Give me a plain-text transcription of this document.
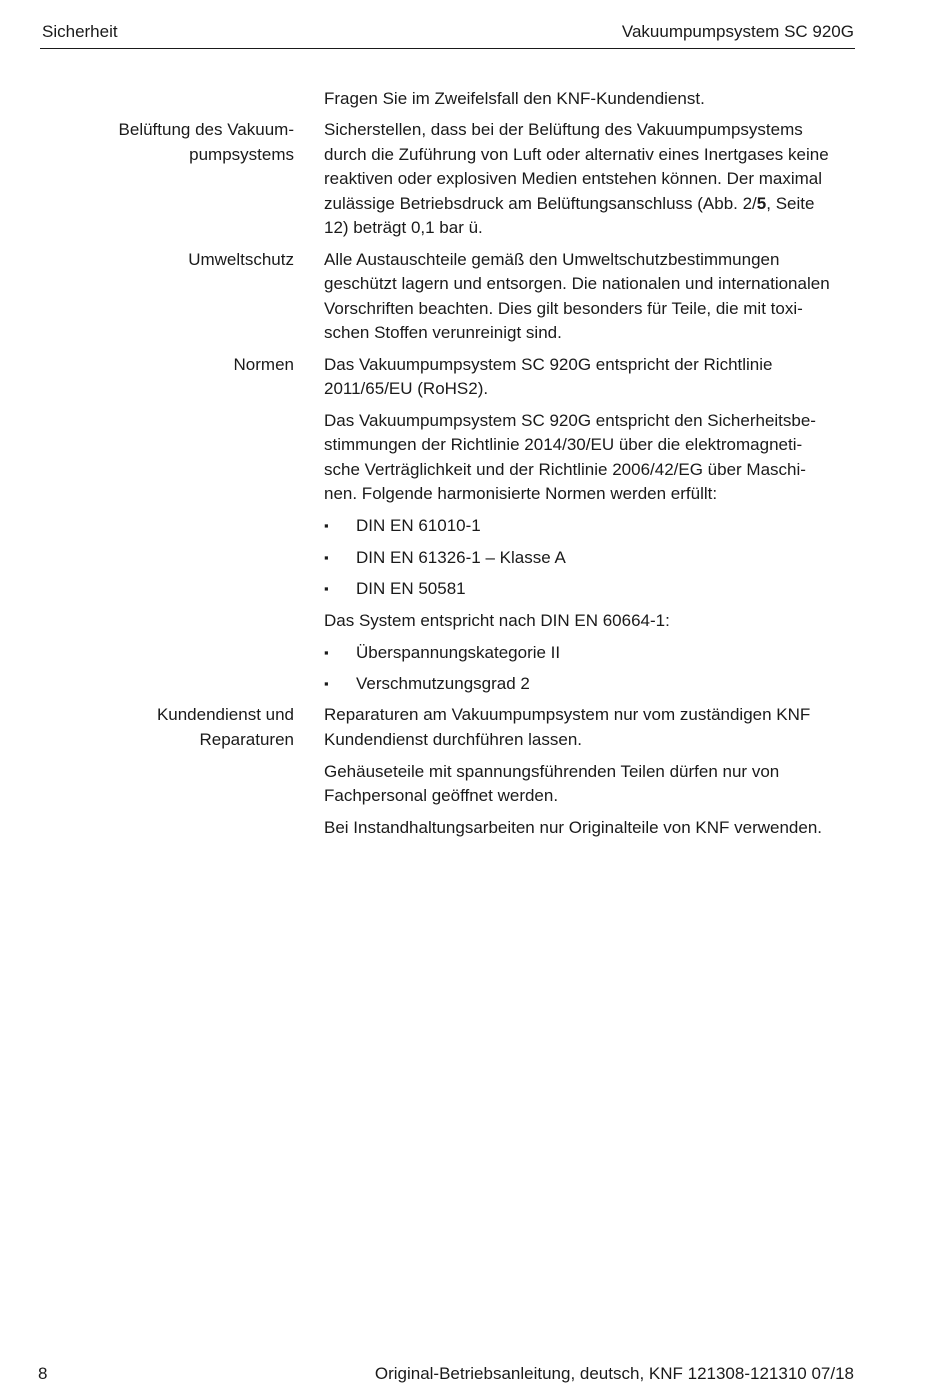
Sicherheit	Vakuumpumpsystem SC 920G
Fragen Sie im Zweifelsfall den KNF-Kundendienst.
Belüftung des Vakuum-
pumpsystems
Sicherstellen, dass bei der Belüftung des Vakuumpumpsystems
durch die Zuführung von Luft oder alternativ eines Inertgases keine
reaktiven oder explosiven Medien entstehen können. Der maximal
zulässige Betriebsdruck am Belüftungsanschluss (Abb. 2/5, Seite
12) beträgt 0,1 bar ü.
Umweltschutz Alle Austauschteile gemäß den Umweltschutzbestimmungen
geschützt lagern und entsorgen. Die nationalen und internationalen
Vorschriften beachten. Dies gilt besonders für Teile, die mit toxi-
schen Stoffen verunreinigt sind.
Normen Das Vakuumpumpsystem SC 920G entspricht der Richtlinie
2011/65/EU (RoHS2).
Das Vakuumpumpsystem SC 920G entspricht den Sicherheitsbe-
stimmungen der Richtlinie 2014/30/EU über die elektromagneti-
sche Verträglichkeit und der Richtlinie 2006/42/EG über Maschi-
nen. Folgende harmonisierte Normen werden erfüllt:
▪ DIN EN 61010-1
▪ DIN EN 61326-1 – Klasse A
▪ DIN EN 50581
Das System entspricht nach DIN EN 60664-1:
▪ Überspannungskategorie II
▪ Verschmutzungsgrad 2
Kundendienst und
Reparaturen
Reparaturen am Vakuumpumpsystem nur vom zuständigen KNF
Kundendienst durchführen lassen.
Gehäuseteile mit spannungsführenden Teilen dürfen nur von
Fachpersonal geöffnet werden.
Bei Instandhaltungsarbeiten nur Originalteile von KNF verwenden.
8	Original-Betriebsanleitung, deutsch, KNF 121308-121310 07/18
